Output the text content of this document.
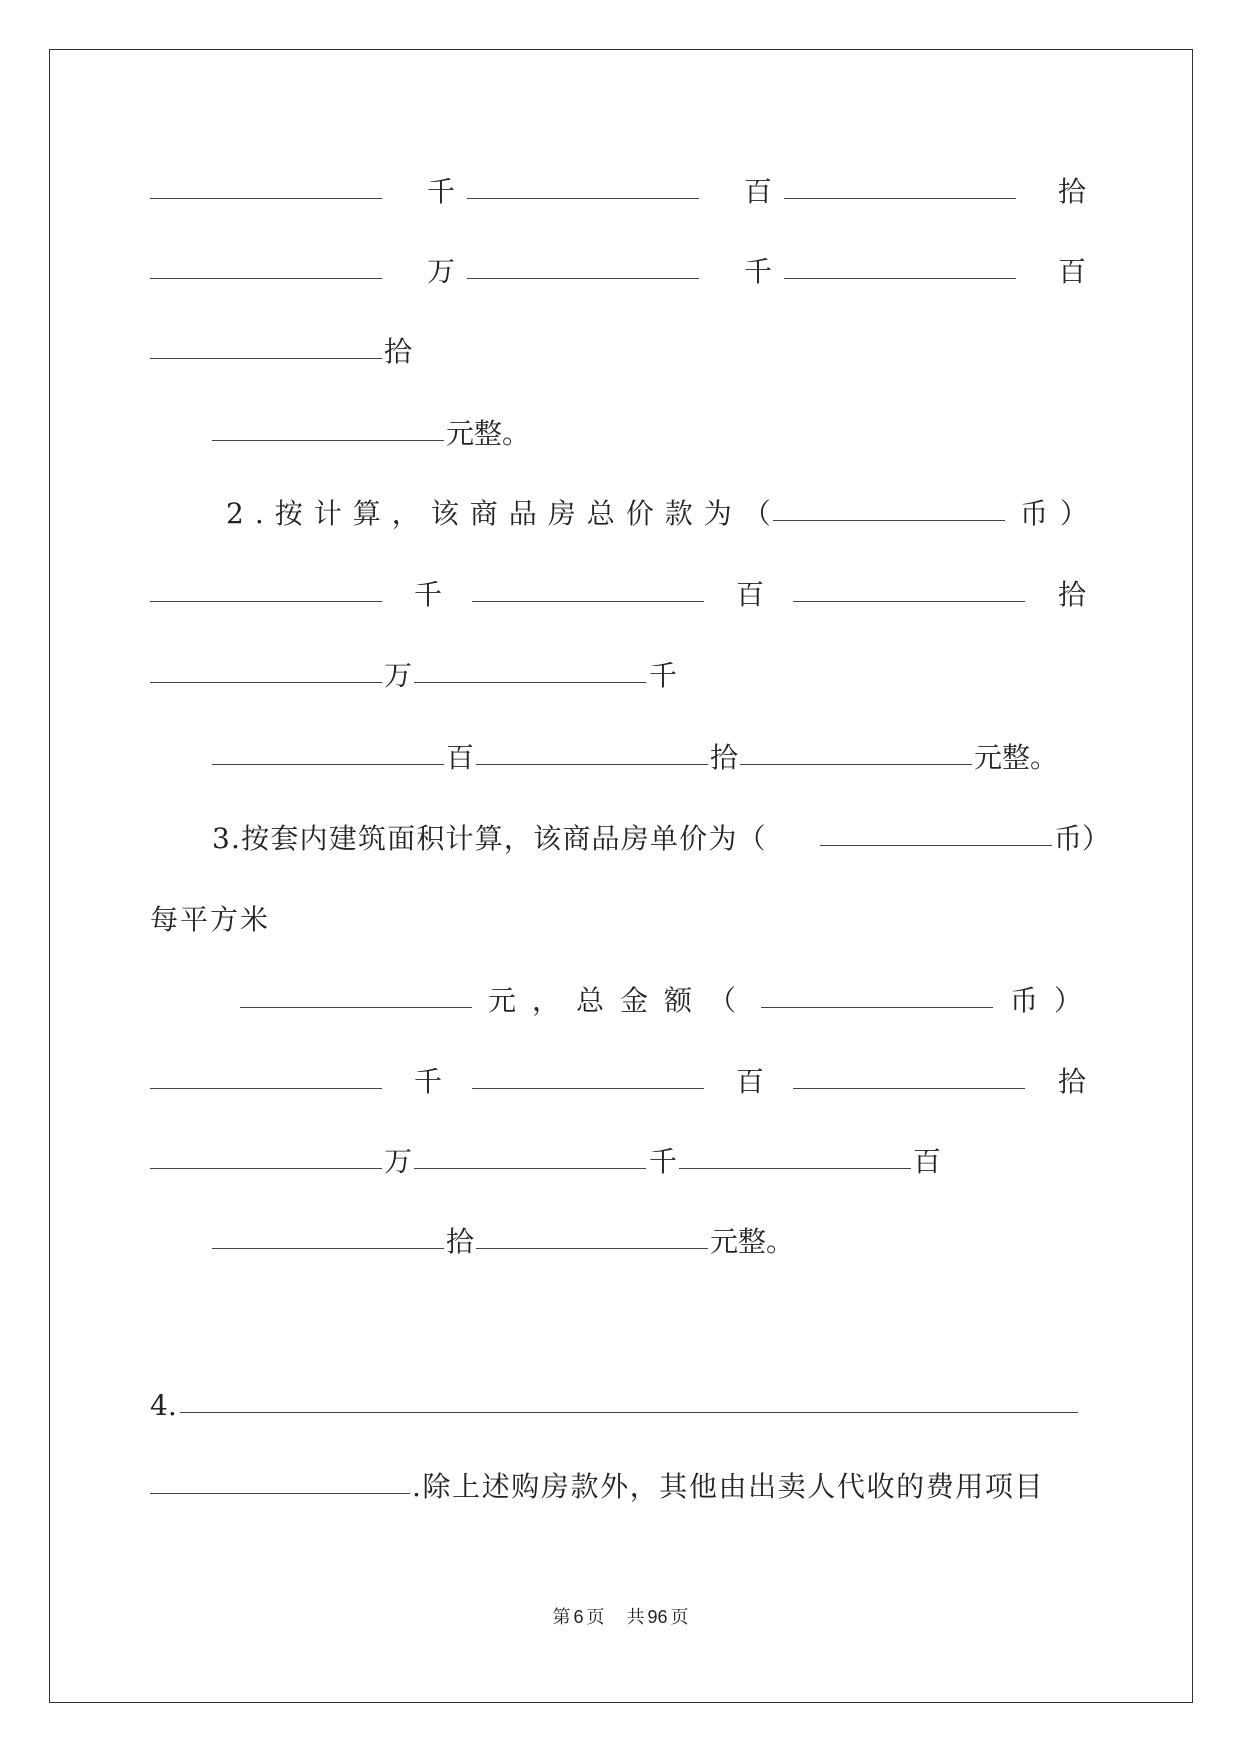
千	百	拾
万	千	百
拾
元整。
2.按计算，该商品房总价款为（	币）
千	百	拾
万	千
百	拾	元整。
3.按套内建筑面积计算，该商品房单价为（	币）
每平方米
元，总金额（	币）
千	百	拾
万	千	百
拾	元整。
4.
.除上述购房款外，其他由出卖人代收的费用项目
第 6 页 共 96 页
